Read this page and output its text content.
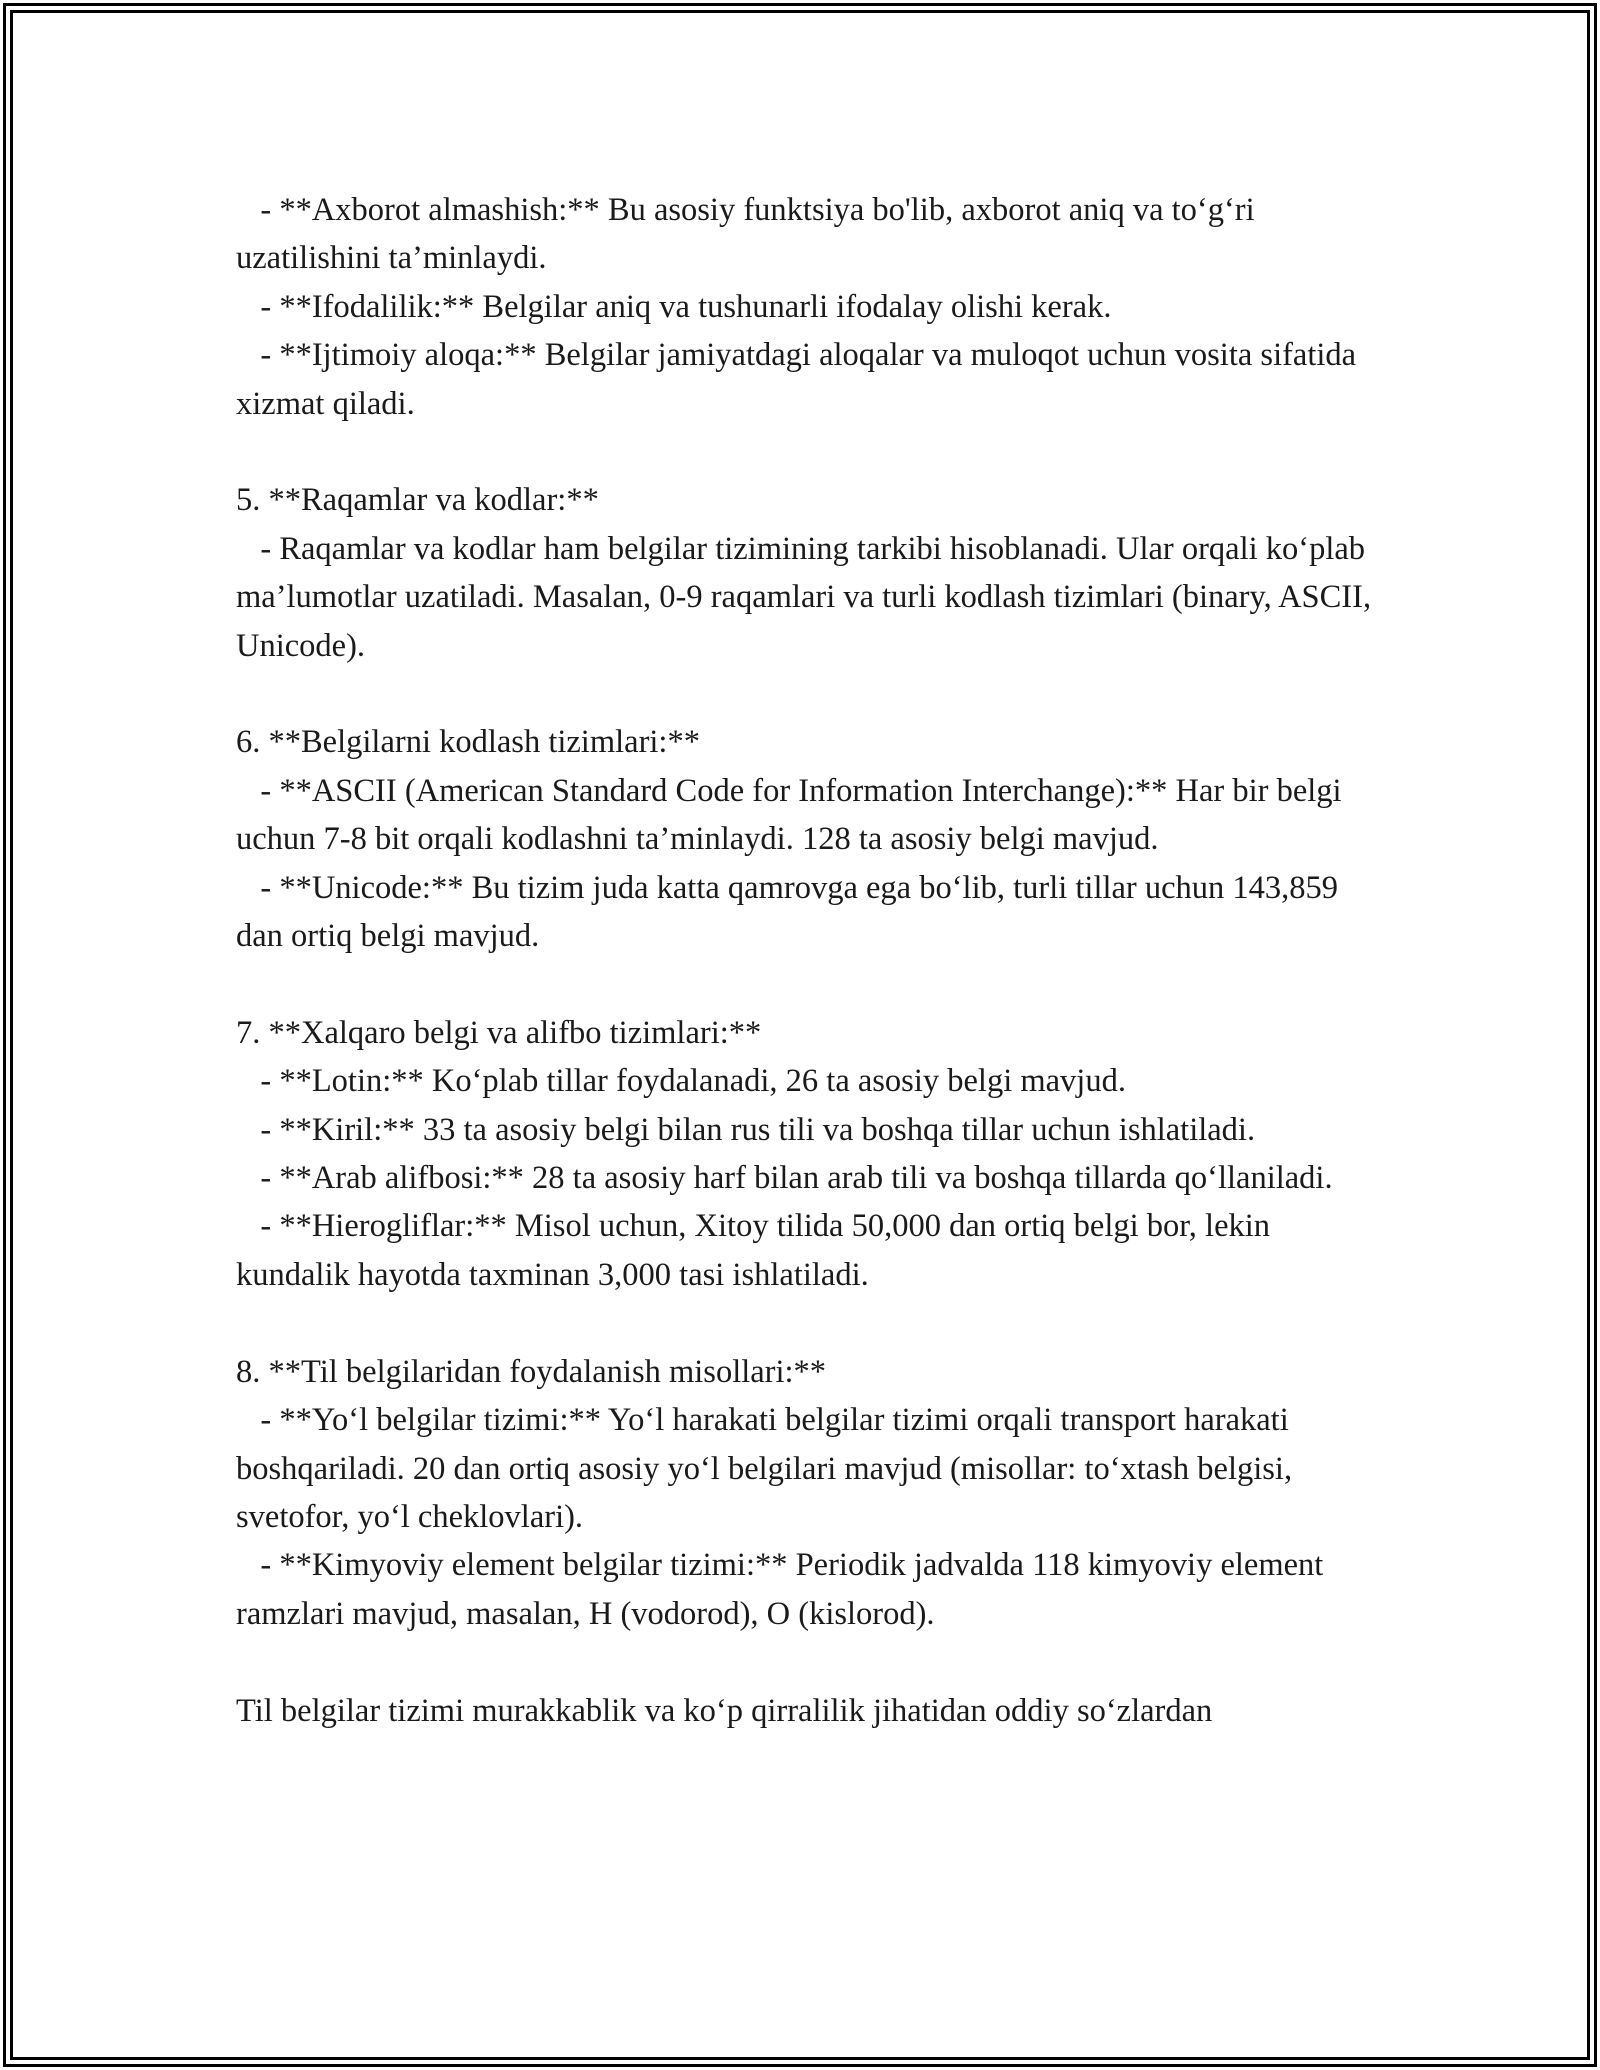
- **Axborot almashish:** Bu asosiy funktsiya bo'lib, axborot aniq va to‘g‘ri uzatilishini ta’minlaydi.

- **Ifodalilik:** Belgilar aniq va tushunarli ifodalay olishi kerak.

- **Ijtimoiy aloqa:** Belgilar jamiyatdagi aloqalar va muloqot uchun vosita sifatida xizmat qiladi.

5. **Raqamlar va kodlar:**

- Raqamlar va kodlar ham belgilar tizimining tarkibi hisoblanadi. Ular orqali ko‘plab ma’lumotlar uzatiladi. Masalan, 0-9 raqamlari va turli kodlash tizimlari (binary, ASCII, Unicode).

6. **Belgilarni kodlash tizimlari:**

- **ASCII (American Standard Code for Information Interchange):** Har bir belgi uchun 7-8 bit orqali kodlashni ta’minlaydi. 128 ta asosiy belgi mavjud.

- **Unicode:** Bu tizim juda katta qamrovga ega bo‘lib, turli tillar uchun 143,859 dan ortiq belgi mavjud.

7. **Xalqaro belgi va alifbo tizimlari:**

- **Lotin:** Ko‘plab tillar foydalanadi, 26 ta asosiy belgi mavjud.

- **Kiril:** 33 ta asosiy belgi bilan rus tili va boshqa tillar uchun ishlatiladi.

- **Arab alifbosi:** 28 ta asosiy harf bilan arab tili va boshqa tillarda qo‘llaniladi.

- **Hierogliflar:** Misol uchun, Xitoy tilida 50,000 dan ortiq belgi bor, lekin kundalik hayotda taxminan 3,000 tasi ishlatiladi.

8. **Til belgilaridan foydalanish misollari:**

- **Yo‘l belgilar tizimi:** Yo‘l harakati belgilar tizimi orqali transport harakati boshqariladi. 20 dan ortiq asosiy yo‘l belgilari mavjud (misollar: to‘xtash belgisi, svetofor, yo‘l cheklovlari).

- **Kimyoviy element belgilar tizimi:** Periodik jadvalda 118 kimyoviy element ramzlari mavjud, masalan, H (vodorod), O (kislorod).

Til belgilar tizimi murakkablik va ko‘p qirralilik jihatidan oddiy so‘zlardan
